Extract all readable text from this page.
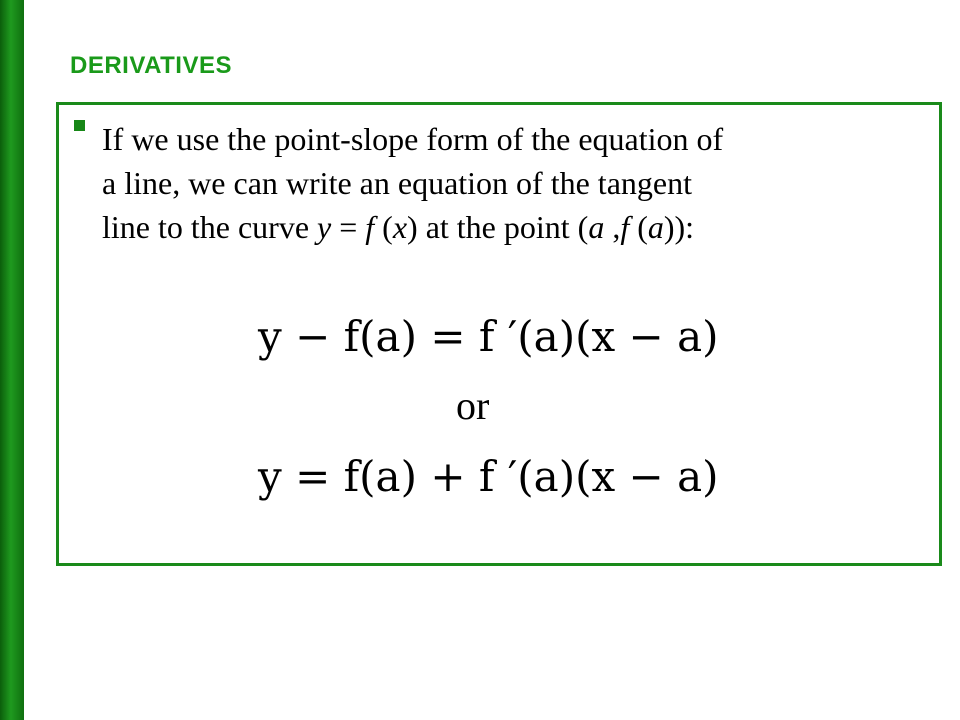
DERIVATIVES
If we use the point-slope form of the equation of
a line, we can write an equation of the tangent
line to the curve y = f (x) at the point (a ,f (a)):
y − f(a) = f ′(a)(x − a)
or
y = f(a) + f ′(a)(x − a)
